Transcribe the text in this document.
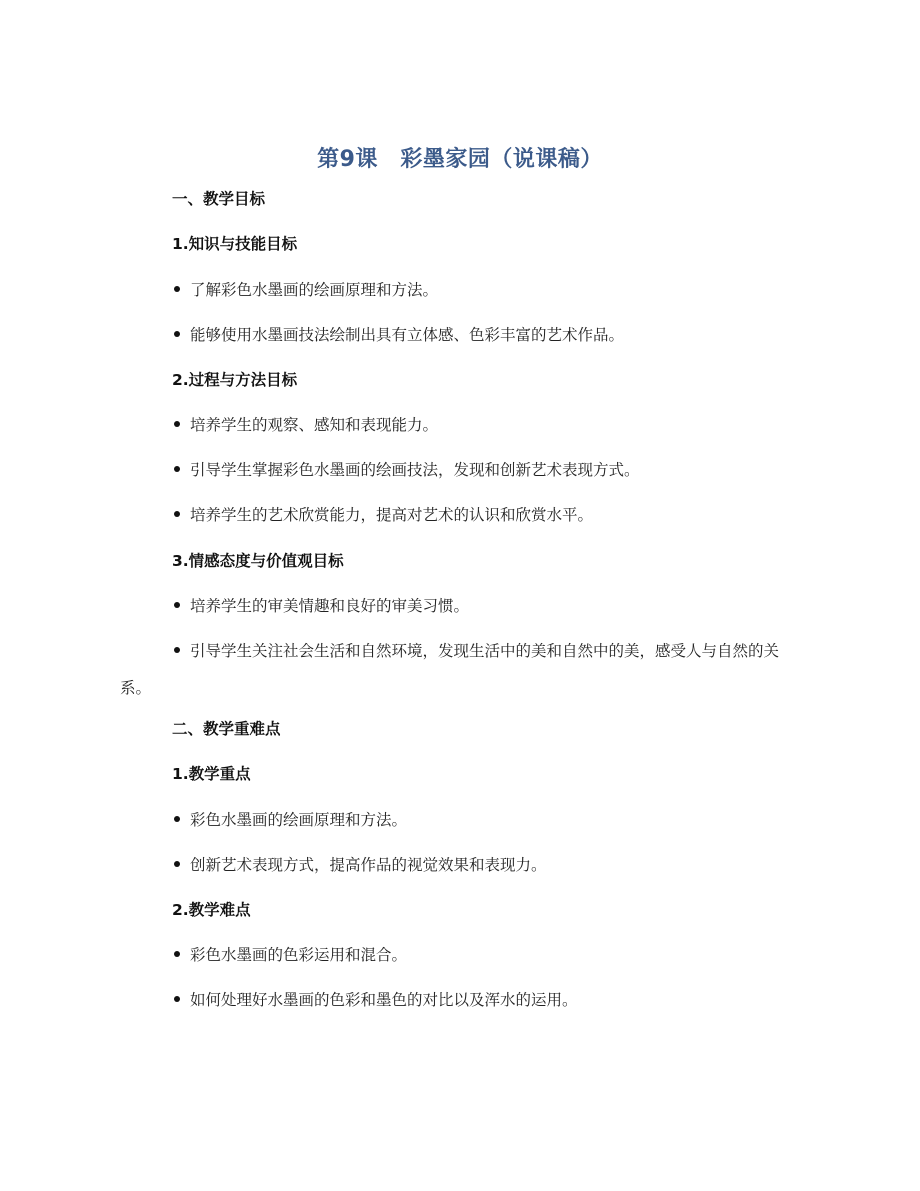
第9课　彩墨家园（说课稿）
一、教学目标
1.知识与技能目标
了解彩色水墨画的绘画原理和方法。
能够使用水墨画技法绘制出具有立体感、色彩丰富的艺术作品。
2.过程与方法目标
培养学生的观察、感知和表现能力。
引导学生掌握彩色水墨画的绘画技法，发现和创新艺术表现方式。
培养学生的艺术欣赏能力，提高对艺术的认识和欣赏水平。
3.情感态度与价值观目标
培养学生的审美情趣和良好的审美习惯。
引导学生关注社会生活和自然环境，发现生活中的美和自然中的美，感受人与自然的关系。
二、教学重难点
1.教学重点
彩色水墨画的绘画原理和方法。
创新艺术表现方式，提高作品的视觉效果和表现力。
2.教学难点
彩色水墨画的色彩运用和混合。
如何处理好水墨画的色彩和墨色的对比以及浑水的运用。
